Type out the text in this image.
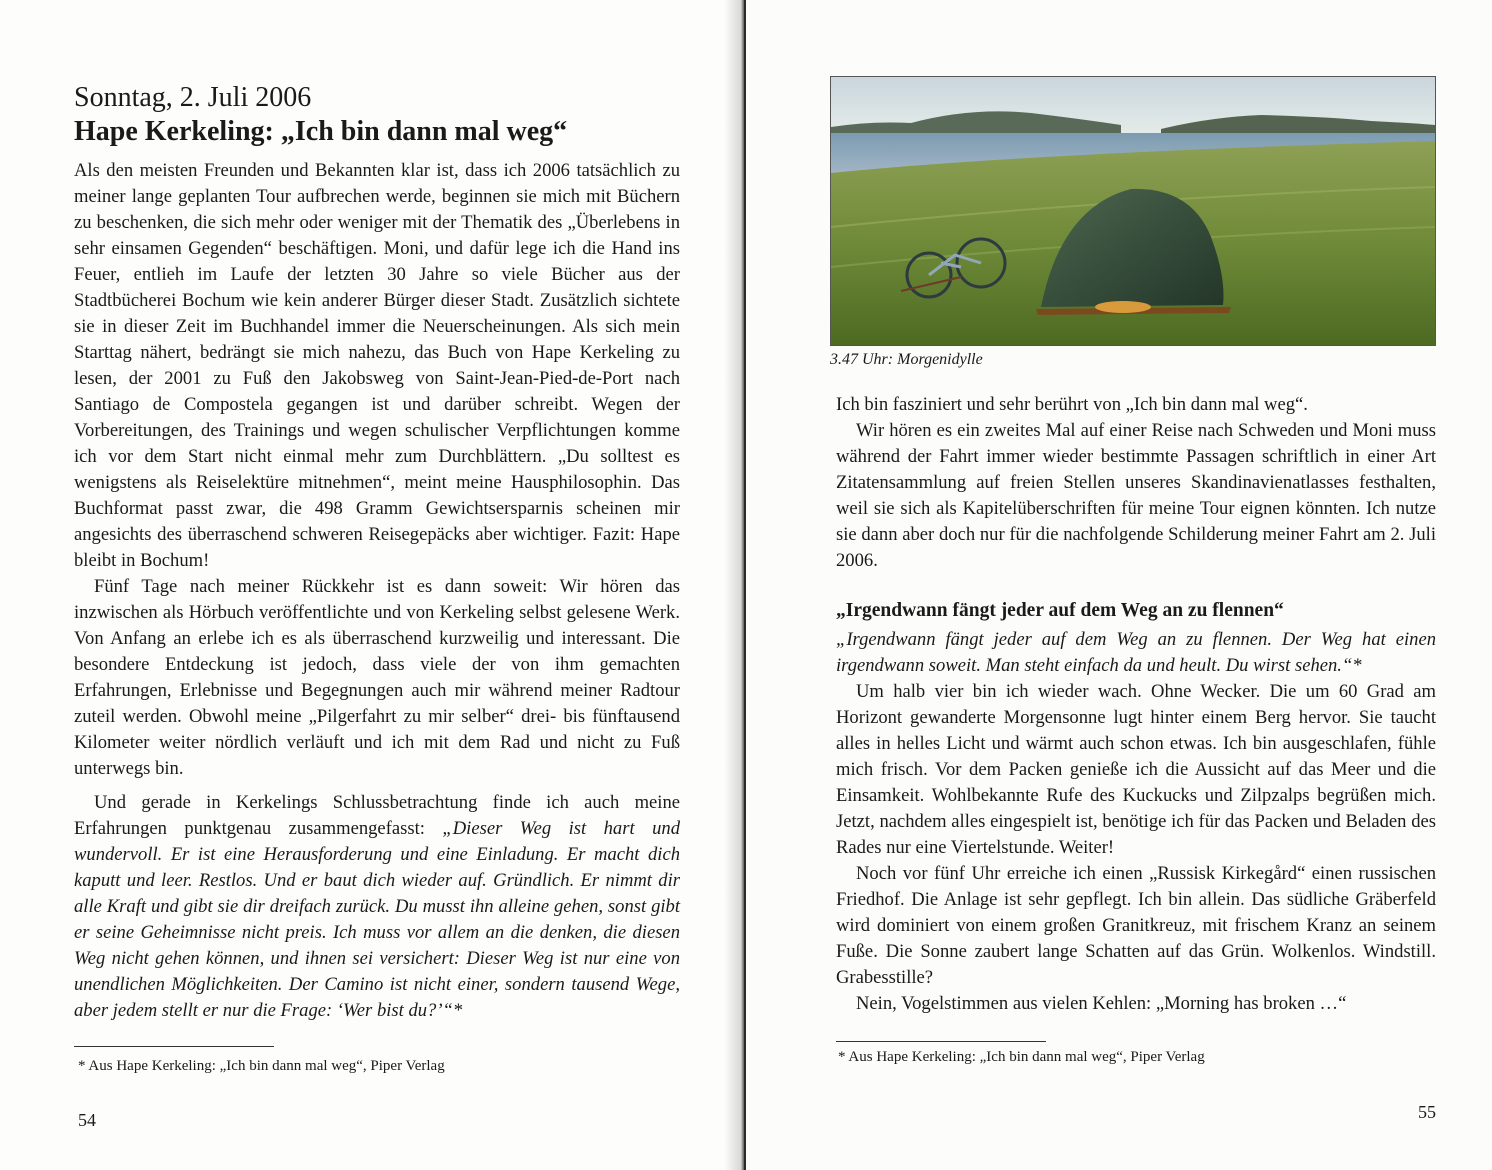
Sonntag, 2. Juli 2006
Hape Kerkeling: „Ich bin dann mal weg“

Als den meisten Freunden und Bekannten klar ist, dass ich 2006 tatsächlich zu meiner lange geplanten Tour aufbrechen werde, beginnen sie mich mit Büchern zu beschenken, die sich mehr oder weniger mit der Thematik des „Überlebens in sehr einsamen Gegenden“ beschäftigen. Moni, und dafür lege ich die Hand ins Feuer, entlieh im Laufe der letzten 30 Jahre so viele Bücher aus der Stadtbücherei Bochum wie kein anderer Bürger dieser Stadt. Zusätzlich sichtete sie in dieser Zeit im Buchhandel immer die Neuerscheinungen. Als sich mein Starttag nähert, bedrängt sie mich nahezu, das Buch von Hape Kerkeling zu lesen, der 2001 zu Fuß den Jakobsweg von Saint-Jean-Pied-de-Port nach Santiago de Compostela gegangen ist und darüber schreibt. Wegen der Vorbereitungen, des Trainings und wegen schulischer Verpflichtungen komme ich vor dem Start nicht einmal mehr zum Durchblättern. „Du solltest es wenigstens als Reiselektüre mitnehmen“, meint meine Hausphilosophin. Das Buchformat passt zwar, die 498 Gramm Gewichtsersparnis scheinen mir angesichts des überraschend schweren Reisegepäcks aber wichtiger. Fazit: Hape bleibt in Bochum!

Fünf Tage nach meiner Rückkehr ist es dann soweit: Wir hören das inzwischen als Hörbuch veröffentlichte und von Kerkeling selbst gelesene Werk. Von Anfang an erlebe ich es als überraschend kurzweilig und interessant. Die besondere Entdeckung ist jedoch, dass viele der von ihm gemachten Erfahrungen, Erlebnisse und Begegnungen auch mir während meiner Radtour zuteil werden. Obwohl meine „Pilgerfahrt zu mir selber“ drei- bis fünftausend Kilometer weiter nördlich verläuft und ich mit dem Rad und nicht zu Fuß unterwegs bin.

Und gerade in Kerkelings Schlussbetrachtung finde ich auch meine Erfahrungen punktgenau zusammengefasst: „Dieser Weg ist hart und wundervoll. Er ist eine Herausforderung und eine Einladung. Er macht dich kaputt und leer. Restlos. Und er baut dich wieder auf. Gründlich. Er nimmt dir alle Kraft und gibt sie dir dreifach zurück. Du musst ihn alleine gehen, sonst gibt er seine Geheimnisse nicht preis. Ich muss vor allem an die denken, die diesen Weg nicht gehen können, und ihnen sei versichert: Dieser Weg ist nur eine von unendlichen Möglichkeiten. Der Camino ist nicht einer, sondern tausend Wege, aber jedem stellt er nur die Frage: ‘Wer bist du?’“*

* Aus Hape Kerkeling: „Ich bin dann mal weg“, Piper Verlag
54
3.47 Uhr: Morgenidylle

Ich bin fasziniert und sehr berührt von „Ich bin dann mal weg“.

Wir hören es ein zweites Mal auf einer Reise nach Schweden und Moni muss während der Fahrt immer wieder bestimmte Passagen schriftlich in einer Art Zitatensammlung auf freien Stellen unseres Skandinavienatlasses festhalten, weil sie sich als Kapitelüberschriften für meine Tour eignen könnten. Ich nutze sie dann aber doch nur für die nachfolgende Schilderung meiner Fahrt am 2. Juli 2006.

„Irgendwann fängt jeder auf dem Weg an zu flennen“

„Irgendwann fängt jeder auf dem Weg an zu flennen. Der Weg hat einen irgendwann soweit. Man steht einfach da und heult. Du wirst sehen.“*

Um halb vier bin ich wieder wach. Ohne Wecker. Die um 60 Grad am Horizont gewanderte Morgensonne lugt hinter einem Berg hervor. Sie taucht alles in helles Licht und wärmt auch schon etwas. Ich bin ausgeschlafen, fühle mich frisch. Vor dem Packen genieße ich die Aussicht auf das Meer und die Einsamkeit. Wohlbekannte Rufe des Kuckucks und Zilpzalps begrüßen mich. Jetzt, nachdem alles eingespielt ist, benötige ich für das Packen und Beladen des Rades nur eine Viertelstunde. Weiter!

Noch vor fünf Uhr erreiche ich einen „Russisk Kirkegård“ einen russischen Friedhof. Die Anlage ist sehr gepflegt. Ich bin allein. Das südliche Gräberfeld wird dominiert von einem großen Granitkreuz, mit frischem Kranz an seinem Fuße. Die Sonne zaubert lange Schatten auf das Grün. Wolkenlos. Windstill. Grabesstille?

Nein, Vogelstimmen aus vielen Kehlen: „Morning has broken …“

* Aus Hape Kerkeling: „Ich bin dann mal weg“, Piper Verlag
55
